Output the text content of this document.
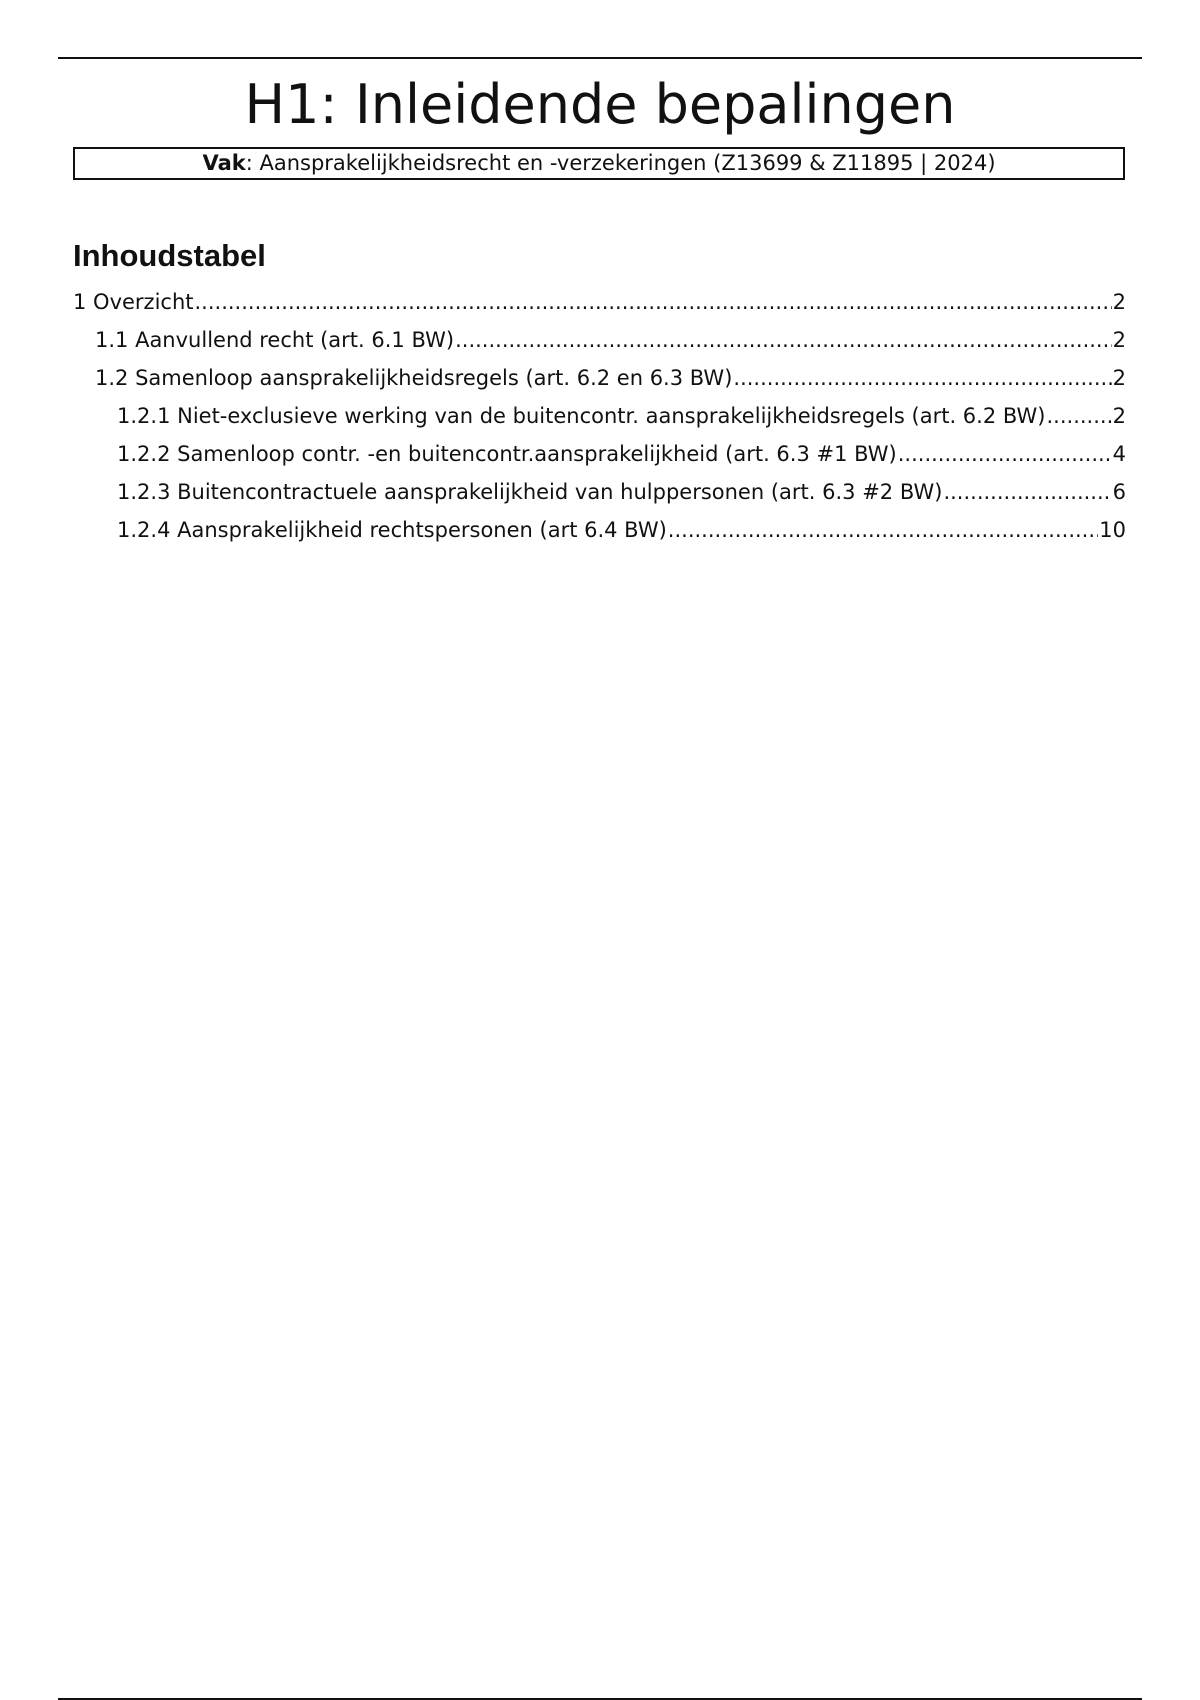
H1: Inleidende bepalingen
Vak: Aansprakelijkheidsrecht en -verzekeringen (Z13699 & Z11895 | 2024)
Inhoudstabel
1 Overzicht .....	2
1.1 Aanvullend recht (art. 6.1 BW) .....	2
1.2 Samenloop aansprakelijkheidsregels (art. 6.2 en 6.3 BW) .....	2
1.2.1 Niet-exclusieve werking van de buitencontr. aansprakelijkheidsregels (art. 6.2 BW) .....	2
1.2.2 Samenloop contr. -en buitencontr.aansprakelijkheid (art. 6.3 #1 BW) .....	4
1.2.3 Buitencontractuele aansprakelijkheid van hulppersonen (art. 6.3 #2 BW) .....	6
1.2.4 Aansprakelijkheid rechtspersonen (art 6.4 BW) .....	10
